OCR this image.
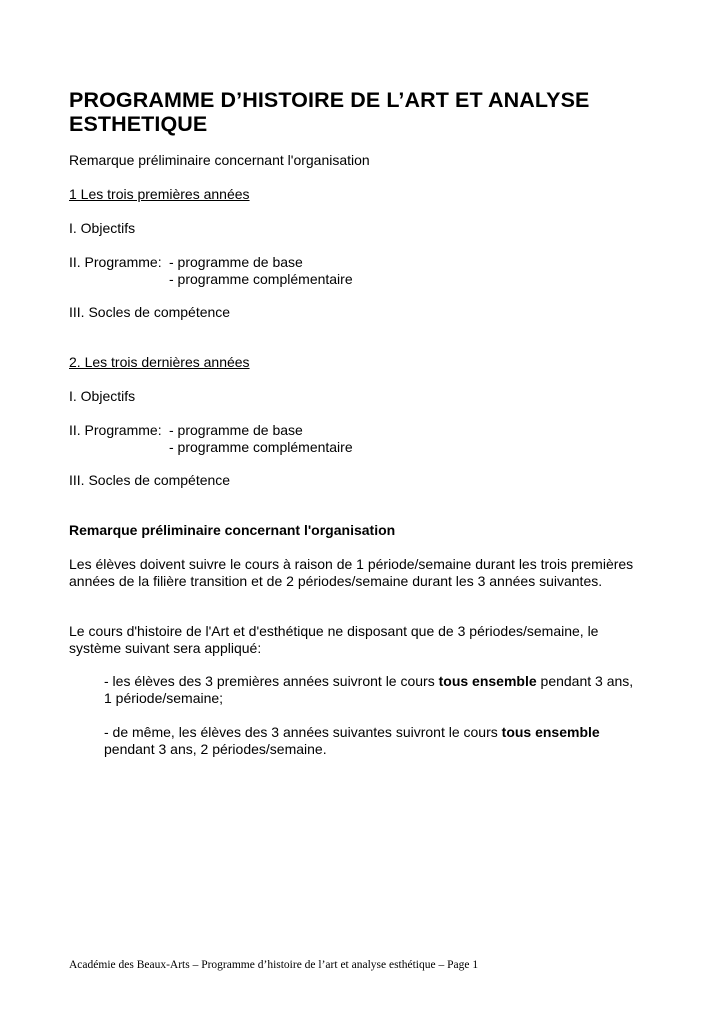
PROGRAMME D’HISTOIRE DE L’ART ET ANALYSE ESTHETIQUE
Remarque préliminaire concernant l'organisation
1 Les trois premières années
I. Objectifs
II. Programme: - programme de base
- programme complémentaire
III. Socles de compétence
2. Les trois dernières années
I. Objectifs
II. Programme: - programme de base
- programme complémentaire
III. Socles de compétence
Remarque préliminaire concernant l'organisation
Les élèves doivent suivre le cours à raison de 1 période/semaine durant les trois premières années de la filière transition et de 2 périodes/semaine durant les 3 années suivantes.
Le cours d'histoire de l'Art et d'esthétique ne disposant que de 3 périodes/semaine, le système suivant sera appliqué:
- les élèves des 3 premières années suivront le cours tous ensemble pendant 3 ans, 1 période/semaine;
- de même, les élèves des 3 années suivantes suivront le cours tous ensemble pendant 3 ans, 2 périodes/semaine.
Académie des Beaux-Arts – Programme d’histoire de l’art et analyse esthétique – Page 1
